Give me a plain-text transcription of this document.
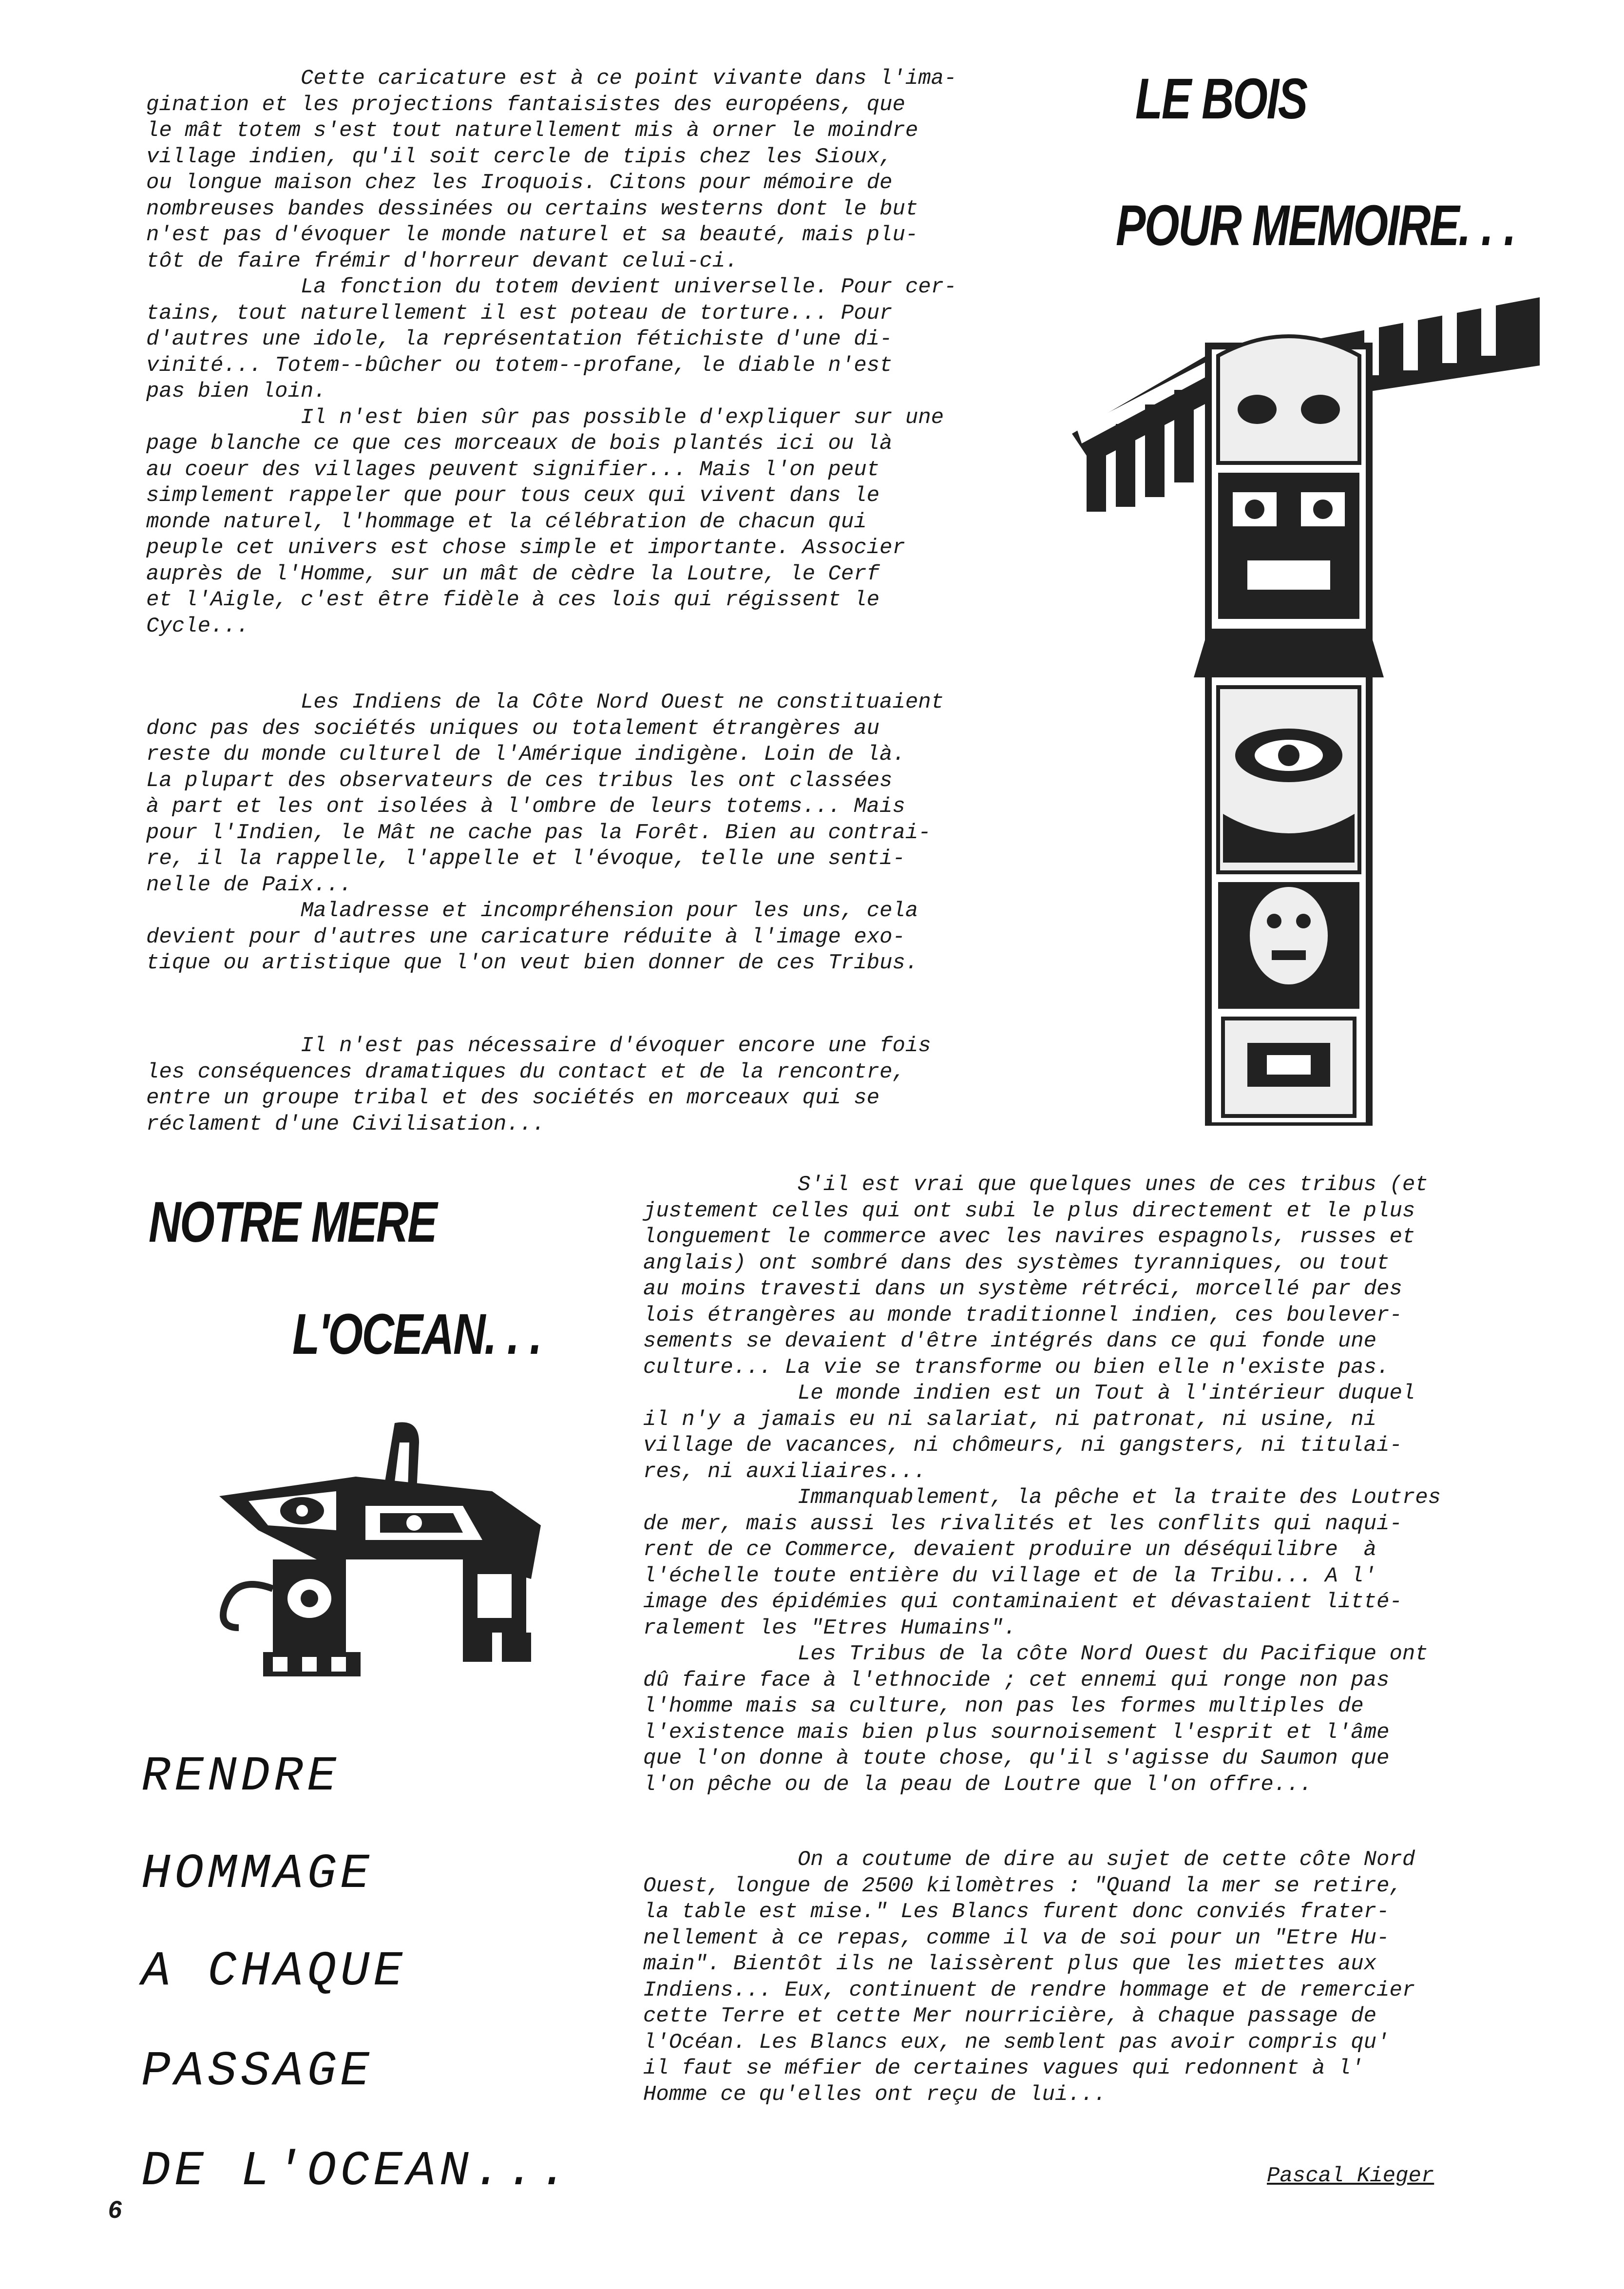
LE BOIS
POUR MEMOIRE. . .

Cette caricature est à ce point vivante dans l'ima-

gination et les projections fantaisistes des européens, que

le mât totem s'est tout naturellement mis à orner le moindre

village indien, qu'il soit cercle de tipis chez les Sioux,

ou longue maison chez les Iroquois. Citons pour mémoire de

nombreuses bandes dessinées ou certains westerns dont le but

n'est pas d'évoquer le monde naturel et sa beauté, mais plu-

tôt de faire frémir d'horreur devant celui-ci.

La fonction du totem devient universelle. Pour cer-

tains, tout naturellement il est poteau de torture... Pour

d'autres une idole, la représentation fétichiste d'une di-

vinité... Totem--bûcher ou totem--profane, le diable n'est

pas bien loin.

Il n'est bien sûr pas possible d'expliquer sur une

page blanche ce que ces morceaux de bois plantés ici ou là

au coeur des villages peuvent signifier... Mais l'on peut

simplement rappeler que pour tous ceux qui vivent dans le

monde naturel, l'hommage et la célébration de chacun qui

peuple cet univers est chose simple et importante. Associer

auprès de l'Homme, sur un mât de cèdre la Loutre, le Cerf

et l'Aigle, c'est être fidèle à ces lois qui régissent le

Cycle...

Les Indiens de la Côte Nord Ouest ne constituaient

donc pas des sociétés uniques ou totalement étrangères au

reste du monde culturel de l'Amérique indigène. Loin de là.

La plupart des observateurs de ces tribus les ont classées

à part et les ont isolées à l'ombre de leurs totems... Mais

pour l'Indien, le Mât ne cache pas la Forêt. Bien au contrai-

re, il la rappelle, l'appelle et l'évoque, telle une senti-

nelle de Paix...

Maladresse et incompréhension pour les uns, cela

devient pour d'autres une caricature réduite à l'image exo-

tique ou artistique que l'on veut bien donner de ces Tribus.

Il n'est pas nécessaire d'évoquer encore une fois

les conséquences dramatiques du contact et de la rencontre,

entre un groupe tribal et des sociétés en morceaux qui se

réclament d'une Civilisation...

NOTRE MERE
L'OCEAN. . .

S'il est vrai que quelques unes de ces tribus (et

justement celles qui ont subi le plus directement et le plus

longuement le commerce avec les navires espagnols, russes et

anglais) ont sombré dans des systèmes tyranniques, ou tout

au moins travesti dans un système rétréci, morcellé par des

lois étrangères au monde traditionnel indien, ces boulever-

sements se devaient d'être intégrés dans ce qui fonde une

culture... La vie se transforme ou bien elle n'existe pas.

Le monde indien est un Tout à l'intérieur duquel

il n'y a jamais eu ni salariat, ni patronat, ni usine, ni

village de vacances, ni chômeurs, ni gangsters, ni titulai-

res, ni auxiliaires...

Immanquablement, la pêche et la traite des Loutres

de mer, mais aussi les rivalités et les conflits qui naqui-

rent de ce Commerce, devaient produire un déséquilibre  à

l'échelle toute entière du village et de la Tribu... A l'

image des épidémies qui contaminaient et dévastaient litté-

ralement les "Etres Humains".

Les Tribus de la côte Nord Ouest du Pacifique ont

dû faire face à l'ethnocide ; cet ennemi qui ronge non pas

l'homme mais sa culture, non pas les formes multiples de

l'existence mais bien plus sournoisement l'esprit et l'âme

que l'on donne à toute chose, qu'il s'agisse du Saumon que

l'on pêche ou de la peau de Loutre que l'on offre...

On a coutume de dire au sujet de cette côte Nord

Ouest, longue de 2500 kilomètres : "Quand la mer se retire,

la table est mise." Les Blancs furent donc conviés frater-

nellement à ce repas, comme il va de soi pour un "Etre Hu-

main". Bientôt ils ne laissèrent plus que les miettes aux

Indiens... Eux, continuent de rendre hommage et de remercier

cette Terre et cette Mer nourricière, à chaque passage de

l'Océan. Les Blancs eux, ne semblent pas avoir compris qu'

il faut se méfier de certaines vagues qui redonnent à l'

Homme ce qu'elles ont reçu de lui...

RENDRE
HOMMAGE
A CHAQUE
PASSAGE
DE L'OCEAN...	Pascal Kieger
6
